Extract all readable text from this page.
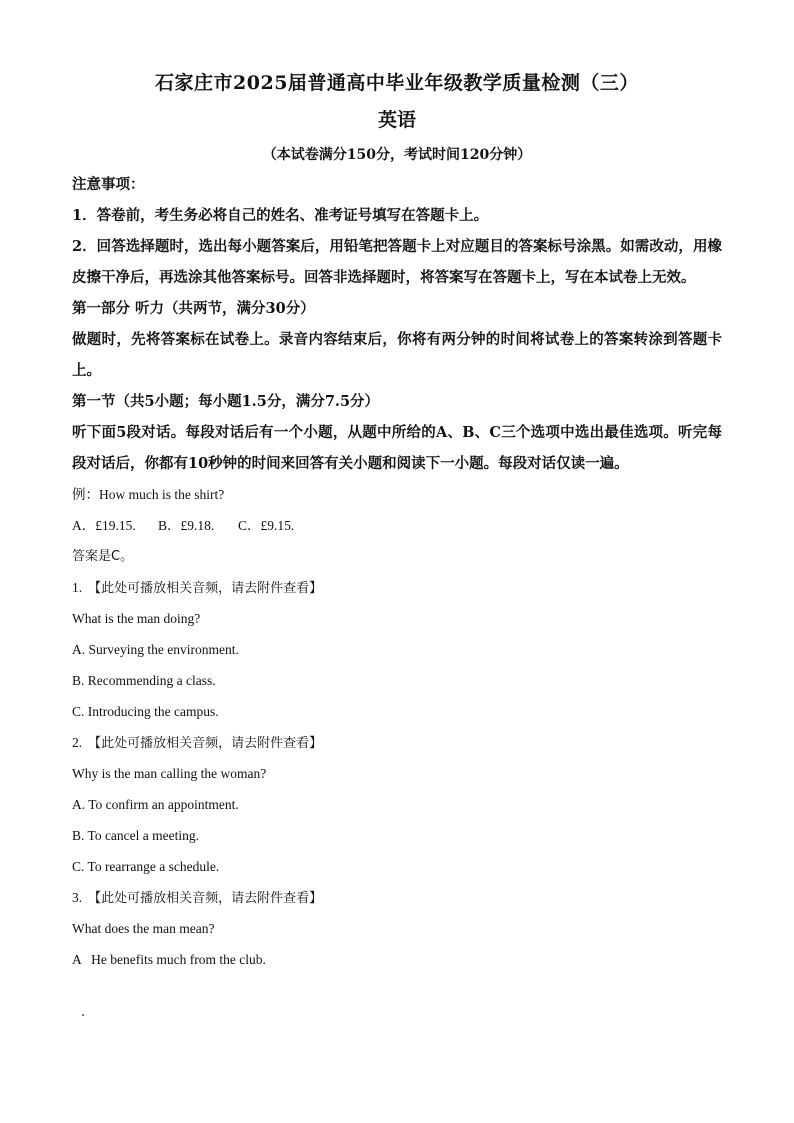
石家庄市2025届普通高中毕业年级教学质量检测（三）
英语
（本试卷满分150分，考试时间120分钟）
注意事项：
1．答卷前，考生务必将自己的姓名、准考证号填写在答题卡上。
2．回答选择题时，选出每小题答案后，用铅笔把答题卡上对应题目的答案标号涂黑。如需改动，用橡皮擦干净后，再选涂其他答案标号。回答非选择题时，将答案写在答题卡上，写在本试卷上无效。
第一部分 听力（共两节，满分30分）
做题时，先将答案标在试卷上。录音内容结束后，你将有两分钟的时间将试卷上的答案转涂到答题卡上。
第一节（共5小题；每小题1.5分，满分7.5分）
听下面5段对话。每段对话后有一个小题，从题中所给的A、B、C三个选项中选出最佳选项。听完每段对话后，你都有10秒钟的时间来回答有关小题和阅读下一小题。每段对话仅读一遍。
例：How much is the shirt?
A．£19.15. B．£9.18. C．£9.15.
答案是C。
1. 【此处可播放相关音频，请去附件查看】
What is the man doing?
A. Surveying the environment.
B. Recommending a class.
C. Introducing the campus.
2. 【此处可播放相关音频，请去附件查看】
Why is the man calling the woman?
A. To confirm an appointment.
B. To cancel a meeting.
C. To rearrange a schedule.
3. 【此处可播放相关音频，请去附件查看】
What does the man mean?
A   He benefits much from the club.
